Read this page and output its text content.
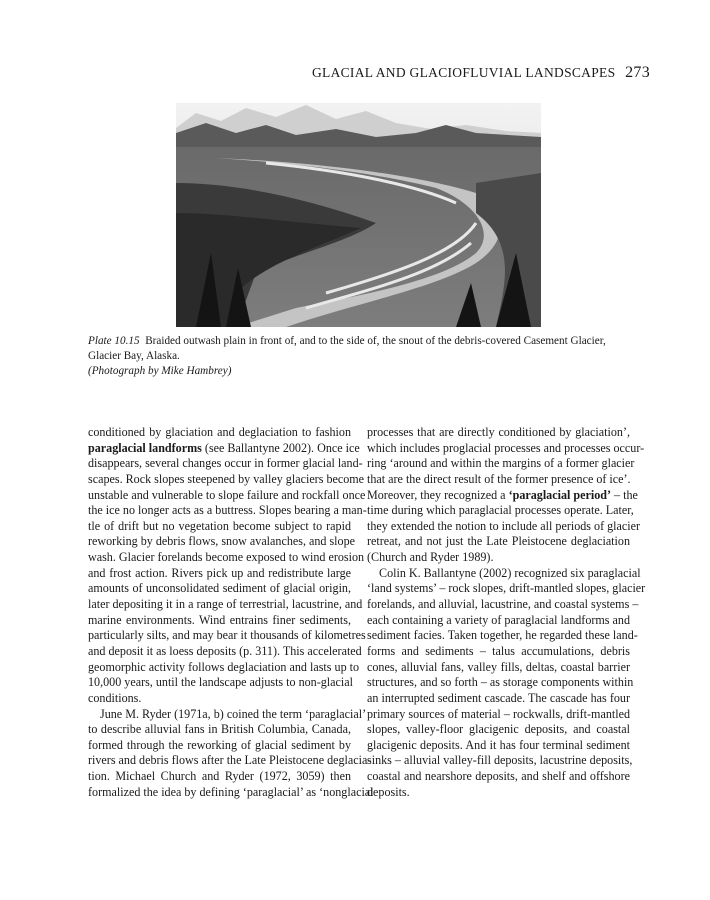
GLACIAL AND GLACIOFLUVIAL LANDSCAPES 273
Plate 10.15 Braided outwash plain in front of, and to the side of, the snout of the debris-covered Casement Glacier,
Glacier Bay, Alaska.
(Photograph by Mike Hambrey)
conditioned by glaciation and deglaciation to fashion
paraglacial landforms (see Ballantyne 2002). Once ice
disappears, several changes occur in former glacial land-
scapes. Rock slopes steepened by valley glaciers become
unstable and vulnerable to slope failure and rockfall once
the ice no longer acts as a buttress. Slopes bearing a man-
tle of drift but no vegetation become subject to rapid
reworking by debris flows, snow avalanches, and slope
wash. Glacier forelands become exposed to wind erosion
and frost action. Rivers pick up and redistribute large
amounts of unconsolidated sediment of glacial origin,
later depositing it in a range of terrestrial, lacustrine, and
marine environments. Wind entrains finer sediments,
particularly silts, and may bear it thousands of kilometres
and deposit it as loess deposits (p. 311). This accelerated
geomorphic activity follows deglaciation and lasts up to
10,000 years, until the landscape adjusts to non-glacial
conditions.
June M. Ryder (1971a, b) coined the term ‘paraglacial’
to describe alluvial fans in British Columbia, Canada,
formed through the reworking of glacial sediment by
rivers and debris flows after the Late Pleistocene deglacia-
tion. Michael Church and Ryder (1972, 3059) then
formalized the idea by defining ‘paraglacial’ as ‘nonglacial
processes that are directly conditioned by glaciation’,
which includes proglacial processes and processes occur-
ring ‘around and within the margins of a former glacier
that are the direct result of the former presence of ice’.
Moreover, they recognized a ‘paraglacial period’ – the
time during which paraglacial processes operate. Later,
they extended the notion to include all periods of glacier
retreat, and not just the Late Pleistocene deglaciation
(Church and Ryder 1989).
Colin K. Ballantyne (2002) recognized six paraglacial
‘land systems’ – rock slopes, drift-mantled slopes, glacier
forelands, and alluvial, lacustrine, and coastal systems –
each containing a variety of paraglacial landforms and
sediment facies. Taken together, he regarded these land-
forms and sediments – talus accumulations, debris
cones, alluvial fans, valley fills, deltas, coastal barrier
structures, and so forth – as storage components within
an interrupted sediment cascade. The cascade has four
primary sources of material – rockwalls, drift-mantled
slopes, valley-floor glacigenic deposits, and coastal
glacigenic deposits. And it has four terminal sediment
sinks – alluvial valley-fill deposits, lacustrine deposits,
coastal and nearshore deposits, and shelf and offshore
deposits.
